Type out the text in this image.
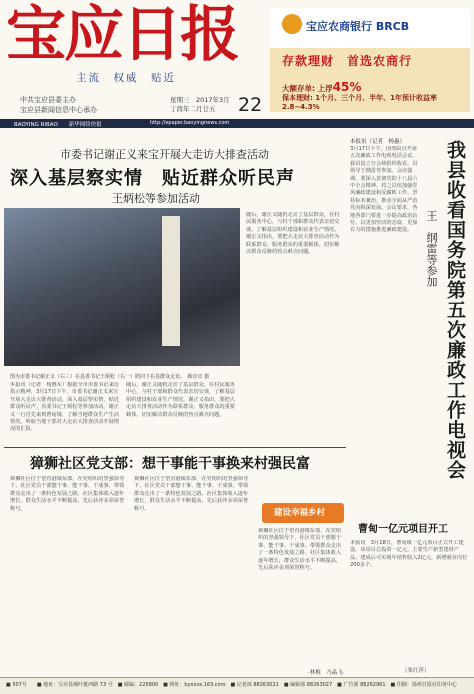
宝应日报
主流　权威　贴近
中共宝应县委主办
宝应县新闻信息中心承办
星期三　2017年3月
丁酉年二月廿五	22
宝应农商银行 BRCB
存款理财　首选农商行
大额存单: 上浮45%
保本理财: 1个月、三个月、半年、1年预计收益率2.8~4.3%
BAOYING RIBAO　　新华网络快报　　	http://epaper.baoyingnews.com
市委书记谢正义来宝开展大走访大排查活动
深入基层察实情　贴近群众听民声
王炳松等参加活动
图为市委书记谢正义（右三）在县委书记王炳松（右一）陪同下在县群众走访。　韩宜宜 摄
本报讯（记者　杨惠军）根据全市市委书记来访指示精神，3月17日下午，市委书记谢正义来宝开展大走访大排查活动，深入基层察实情，贴近群众听民声。县委书记王炳松等参加活动。谢正义一行首先来到曹甸镇，了解当地群众生产生活情况，听取当地干部对大走访大排查活动开展情况的汇报。
随后，谢正义随机走访了基层群众，在村民服务中心，与村干部和群众代表亲切交谈，了解基层组织建设和农业生产情况。谢正义指出，要把大走访大排查活动作为联系群众、服务群众的重要载体，切实解决群众反映的热点难点问题。
随后，谢正义随机走访了基层群众，在村民服务中心，与村干部和群众代表亲切交谈，了解基层组织建设和农业生产情况。谢正义指出，要把大走访大排查活动作为联系群众、服务群众的重要载体，切实解决群众反映的热点难点问题。
本报讯（记者　杨惠） 我县收看国务院第五次廉政工作电视会
王　纲雷等参加
3月17日下午，国务院召开第五次廉政工作电视电话会议。我县设立分会场组织收看。县领导王纲雷等参加。会议强调，要深入贯彻党的十八届六中全会精神，持之以恒加强党风廉政建设和反腐败工作，坚持标本兼治，推动全面从严治党向纵深发展。会议要求，各地各部门要进一步提高政治站位，以更加坚决的态度、更加有力的措施推进廉政建设。
獐狮社区党支部：想干事能干事换来村强民富
獐狮社区位于望直港镇东部，在党组织的坚强领导下，社区党员干部想干事、能干事、干成事，带领群众走出了一条特色发展之路。社区集体收入逐年增长，群众生活水平不断提高，先后获评多项荣誉称号。
獐狮社区位于望直港镇东部，在党组织的坚强领导下，社区党员干部想干事、能干事、干成事，带领群众走出了一条特色发展之路。社区集体收入逐年增长，群众生活水平不断提高，先后获评多项荣誉称号。	建设幸福乡村
獐狮社区位于望直港镇东部，在党组织的坚强领导下，社区党员干部想干事、能干事、干成事，带领群众走出了一条特色发展之路。社区集体收入逐年增长，群众生活水平不断提高，先后获评多项荣誉称号。
·林梅　乃晶飞·
曹甸一亿元项目开工
本报讯　3月18日，曹甸镇一亿元项目正式开工建设。该项目总投资一亿元，主要生产新型建材产品，建成后可实现年销售收入2亿元，新增就业岗位200多个。
（朱红萍）
■ 507号　　■ 地址：宝应县城叶挺西路 73 号　■ 邮编：225800　■ 网址：byxxzx.163.com　■ 记者部 88263021　■ 编辑部 88263027　■ 广告部 88262961　■ 印刷：扬州日报社印务中心
